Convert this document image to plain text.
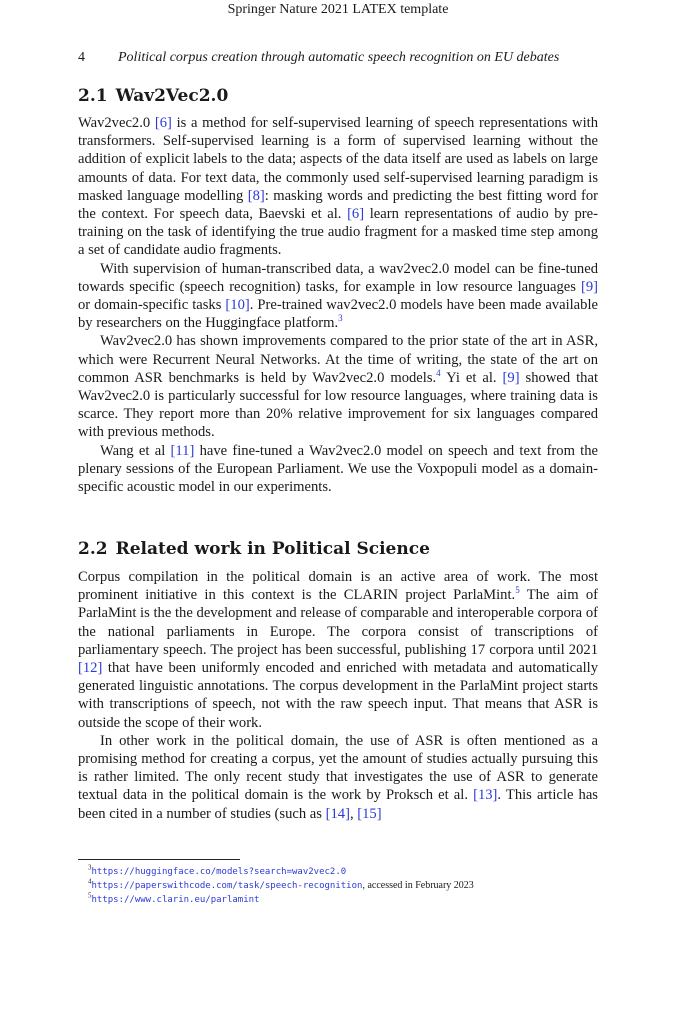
Springer Nature 2021 LATEX template
4 Political corpus creation through automatic speech recognition on EU debates
2.1 Wav2Vec2.0

Wav2vec2.0 [6] is a method for self-supervised learning of speech representations with transformers. Self-supervised learning is a form of supervised learning without the addition of explicit labels to the data; aspects of the data itself are used as labels on large amounts of data. For text data, the commonly used self-supervised learning paradigm is masked language modelling [8]: masking words and predicting the best fitting word for the context. For speech data, Baevski et al. [6] learn representations of audio by pre-training on the task of identifying the true audio fragment for a masked time step among a set of candidate audio fragments.

With supervision of human-transcribed data, a wav2vec2.0 model can be fine-tuned towards specific (speech recognition) tasks, for example in low resource languages [9] or domain-specific tasks [10]. Pre-trained wav2vec2.0 models have been made available by researchers on the Huggingface platform.$^3$

Wav2vec2.0 has shown improvements compared to the prior state of the art in ASR, which were Recurrent Neural Networks. At the time of writing, the state of the art on common ASR benchmarks is held by Wav2vec2.0 models.$^4$ Yi et al. [9] showed that Wav2vec2.0 is particularly successful for low resource languages, where training data is scarce. They report more than 20% relative improvement for six languages compared with previous methods.

Wang et al [11] have fine-tuned a Wav2vec2.0 model on speech and text from the plenary sessions of the European Parliament. We use the Voxpopuli model as a domain-specific acoustic model in our experiments.

2.2 Related work in Political Science

Corpus compilation in the political domain is an active area of work. The most prominent initiative in this context is the CLARIN project ParlaMint.$^5$ The aim of ParlaMint is the the development and release of comparable and interoperable corpora of the national parliaments in Europe. The corpora consist of transcriptions of parliamentary speech. The project has been successful, publishing 17 corpora until 2021 [12] that have been uniformly encoded and enriched with metadata and automatically generated linguistic annotations. The corpus development in the ParlaMint project starts with transcriptions of speech, not with the raw speech input. That means that ASR is outside the scope of their work.

In other work in the political domain, the use of ASR is often mentioned as a promising method for creating a corpus, yet the amount of studies actually pursuing this is rather limited. The only recent study that investigates the use of ASR to generate textual data in the political domain is the work by Proksch et al. [13]. This article has been cited in a number of studies (such as [14], [15]

$^3$https://huggingface.co/models?search=wav2vec2.0
$^4$https://paperswithcode.com/task/speech-recognition, accessed in February 2023
$^5$https://www.clarin.eu/parlamint
